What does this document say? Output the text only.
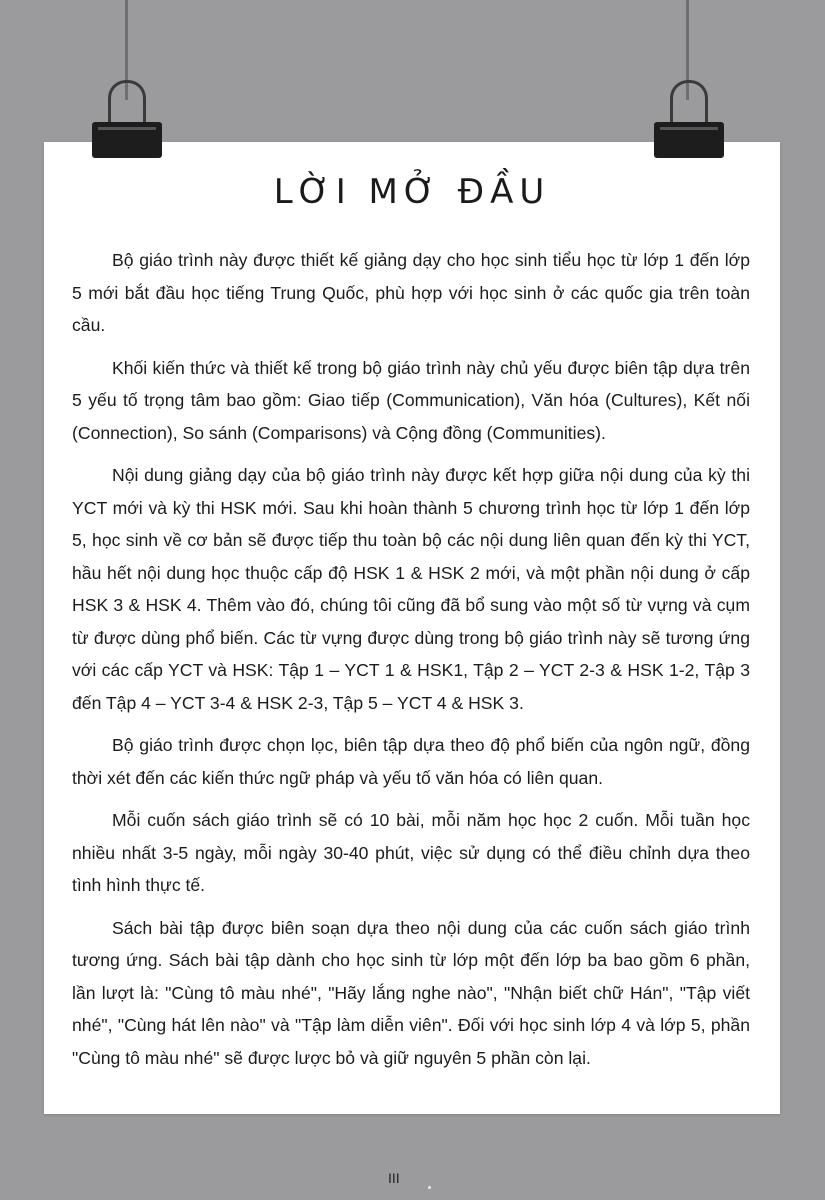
LỜI MỞ ĐẦU

Bộ giáo trình này được thiết kế giảng dạy cho học sinh tiểu học từ lớp 1 đến lớp 5 mới bắt đầu học tiếng Trung Quốc, phù hợp với học sinh ở các quốc gia trên toàn cầu.

Khối kiến thức và thiết kế trong bộ giáo trình này chủ yếu được biên tập dựa trên 5 yếu tố trọng tâm bao gồm: Giao tiếp (Communication), Văn hóa (Cultures), Kết nối (Connection), So sánh (Comparisons) và Cộng đồng (Communities).

Nội dung giảng dạy của bộ giáo trình này được kết hợp giữa nội dung của kỳ thi YCT mới và kỳ thi HSK mới. Sau khi hoàn thành 5 chương trình học từ lớp 1 đến lớp 5, học sinh về cơ bản sẽ được tiếp thu toàn bộ các nội dung liên quan đến kỳ thi YCT, hầu hết nội dung học thuộc cấp độ HSK 1 & HSK 2 mới, và một phần nội dung ở cấp HSK 3 & HSK 4. Thêm vào đó, chúng tôi cũng đã bổ sung vào một số từ vựng và cụm từ được dùng phổ biến. Các từ vựng được dùng trong bộ giáo trình này sẽ tương ứng với các cấp YCT và HSK: Tập 1 – YCT 1 & HSK1, Tập 2 – YCT 2-3 & HSK 1-2, Tập 3 đến Tập 4 – YCT 3-4 & HSK 2-3, Tập 5 – YCT 4 & HSK 3.

Bộ giáo trình được chọn lọc, biên tập dựa theo độ phổ biến của ngôn ngữ, đồng thời xét đến các kiến thức ngữ pháp và yếu tố văn hóa có liên quan.

Mỗi cuốn sách giáo trình sẽ có 10 bài, mỗi năm học học 2 cuốn. Mỗi tuần học nhiều nhất 3-5 ngày, mỗi ngày 30-40 phút, việc sử dụng có thể điều chỉnh dựa theo tình hình thực tế.

Sách bài tập được biên soạn dựa theo nội dung của các cuốn sách giáo trình tương ứng. Sách bài tập dành cho học sinh từ lớp một đến lớp ba bao gồm 6 phần, lần lượt là: "Cùng tô màu nhé", "Hãy lắng nghe nào", "Nhận biết chữ Hán", "Tập viết nhé", "Cùng hát lên nào" và "Tập làm diễn viên". Đối với học sinh lớp 4 và lớp 5, phần "Cùng tô màu nhé" sẽ được lược bỏ và giữ nguyên 5 phần còn lại.

III
